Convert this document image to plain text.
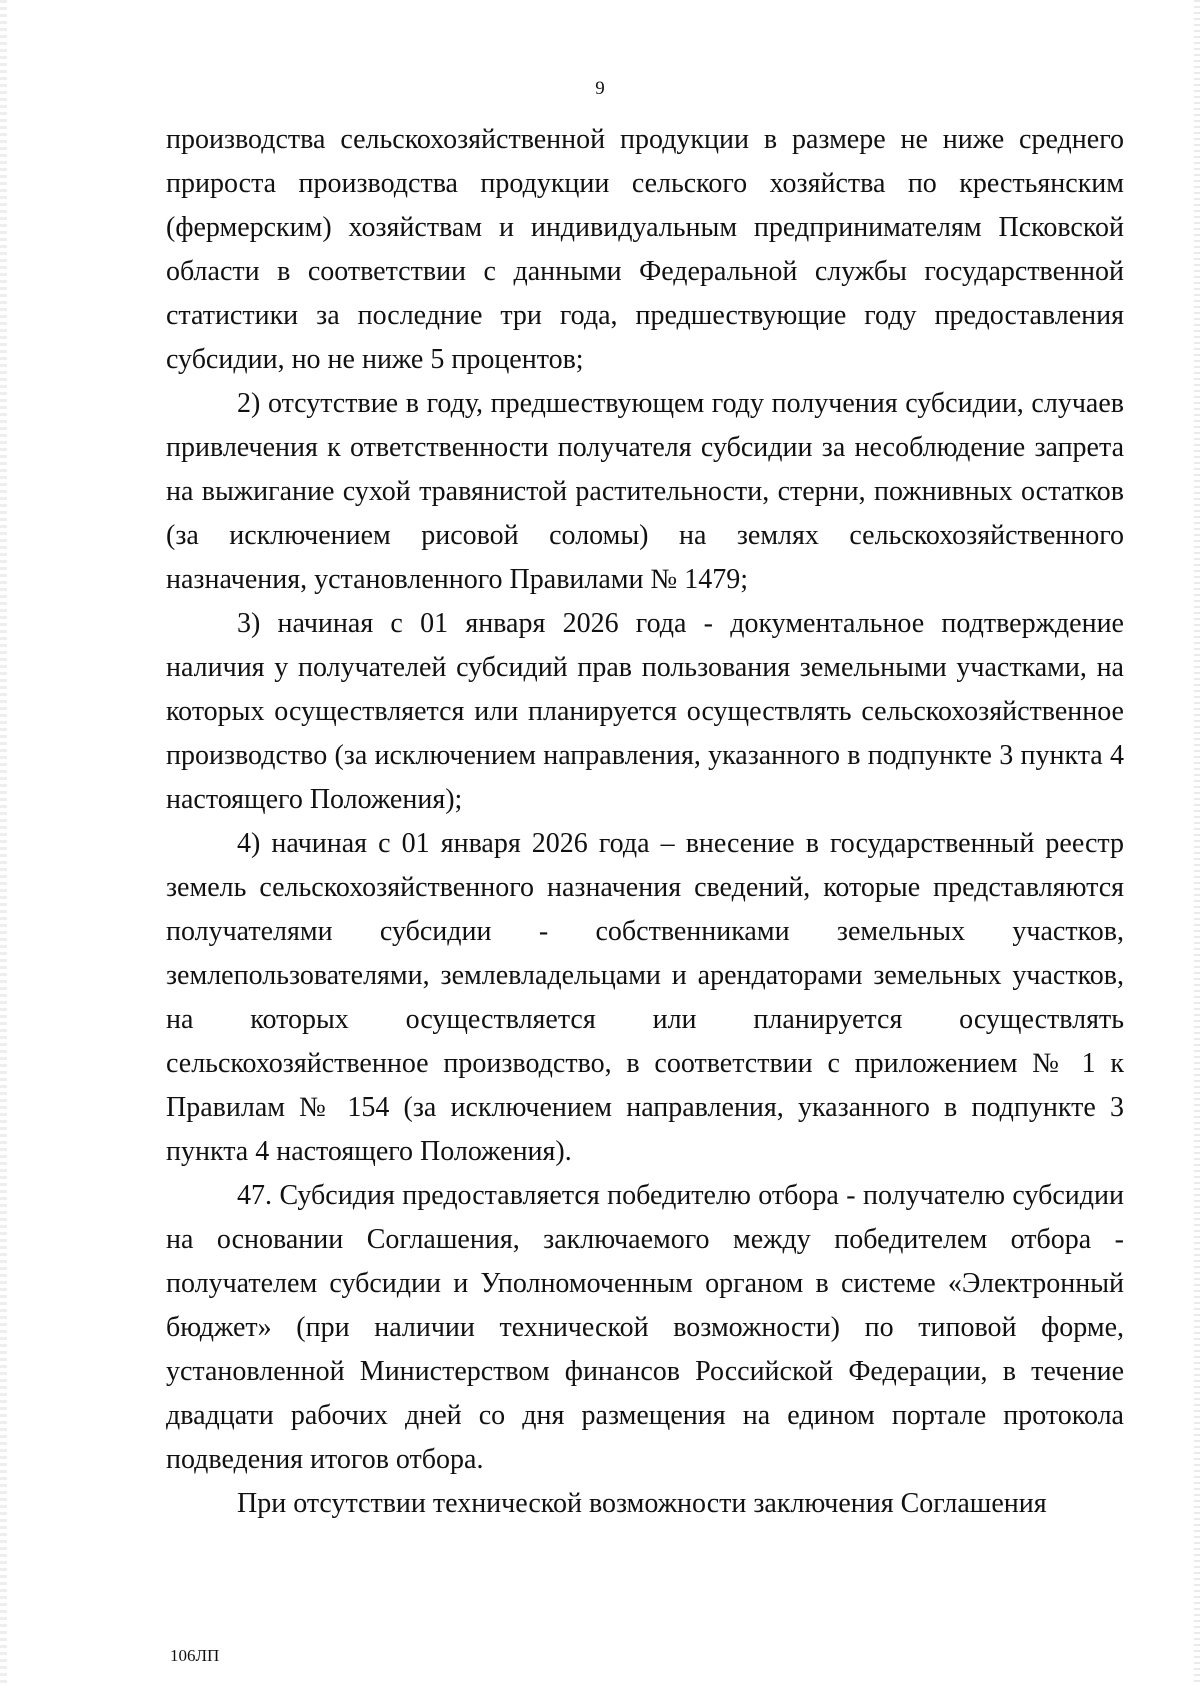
9

производства сельскохозяйственной продукции в размере не ниже среднего прироста производства продукции сельского хозяйства по крестьянским (фермерским) хозяйствам и индивидуальным предпринимателям Псковской области в соответствии с данными Федеральной службы государственной статистики за последние три года, предшествующие году предоставления субсидии, но не ниже 5 процентов;

2) отсутствие в году, предшествующем году получения субсидии, случаев привлечения к ответственности получателя субсидии за несоблюдение запрета на выжигание сухой травянистой растительности, стерни, пожнивных остатков (за исключением рисовой соломы) на землях сельскохозяйственного назначения, установленного Правилами № 1479;

3) начиная с 01 января 2026 года - документальное подтверждение наличия у получателей субсидий прав пользования земельными участками, на которых осуществляется или планируется осуществлять сельскохозяйственное производство (за исключением направления, указанного в подпункте 3 пункта 4 настоящего Положения);

4) начиная с 01 января 2026 года – внесение в государственный реестр земель сельскохозяйственного назначения сведений, которые представляются получателями субсидии - собственниками земельных участков, землепользователями, землевладельцами и арендаторами земельных участков, на которых осуществляется или планируется осуществлять сельскохозяйственное производство, в соответствии с приложением № 1 к Правилам № 154 (за исключением направления, указанного в подпункте 3 пункта 4 настоящего Положения).

47. Субсидия предоставляется победителю отбора - получателю субсидии на основании Соглашения, заключаемого между победителем отбора - получателем субсидии и Уполномоченным органом в системе «Электронный бюджет» (при наличии технической возможности) по типовой форме, установленной Министерством финансов Российской Федерации, в течение двадцати рабочих дней со дня размещения на едином портале протокола подведения итогов отбора.

При отсутствии технической возможности заключения Соглашения

106ЛП
